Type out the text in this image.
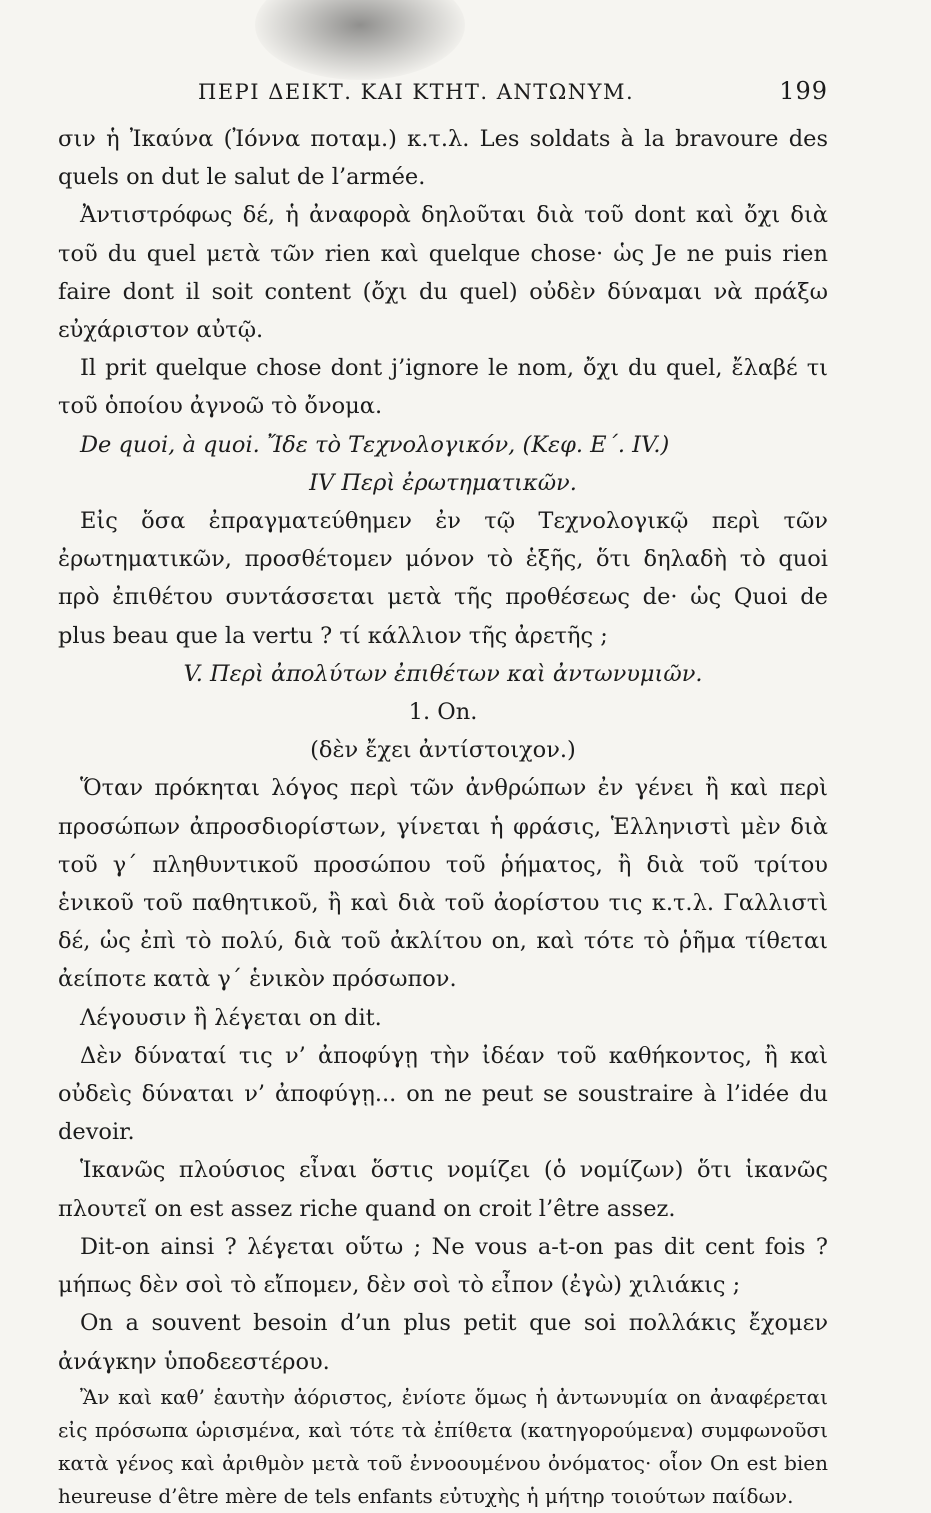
ΠΕΡΙ ΔΕΙΚΤ. ΚΑΙ ΚΤΗΤ. ΑΝΤΩΝΥΜ.	199

σιν ἡ Ἰκαύνα (Ἰόννα ποταμ.) κ.τ.λ. Les soldats à la bravoure des quels on dut le salut de l’armée.

Ἀντιστρόφως δέ, ἡ ἀναφορὰ δηλοῦται διὰ τοῦ dont καὶ ὄχι διὰ τοῦ du quel μετὰ τῶν rien καὶ quelque chose· ὡς Je ne puis rien faire dont il soit content (ὄχι du quel) οὐδὲν δύναμαι νὰ πράξω εὐχάριστον αὐτῷ.

Il prit quelque chose dont j’ignore le nom, ὄχι du quel, ἔλαβέ τι τοῦ ὁποίου ἀγνοῶ τὸ ὄνομα.

De quoi, à quoi. Ἴδε τὸ Τεχνολογικόν, (Κεφ. Ε΄. IV.)

IV Περὶ ἐρωτηματικῶν.

Εἰς ὅσα ἐπραγματεύθημεν ἐν τῷ Τεχνολογικῷ περὶ τῶν ἐρωτηματικῶν, προσθέτομεν μόνον τὸ ἑξῆς, ὅτι δηλαδὴ τὸ quoi πρὸ ἐπιθέτου συντάσσεται μετὰ τῆς προθέσεως de· ὡς Quoi de plus beau que la vertu ? τί κάλλιον τῆς ἀρετῆς ;

V. Περὶ ἀπολύτων ἐπιθέτων καὶ ἀντωνυμιῶν.

1. On.

(δὲν ἔχει ἀντίστοιχον.)

Ὅταν πρόκηται λόγος περὶ τῶν ἀνθρώπων ἐν γένει ἢ καὶ περὶ προσώπων ἀπροσδιορίστων, γίνεται ἡ φράσις, Ἑλληνιστὶ μὲν διὰ τοῦ γ΄ πληθυντικοῦ προσώπου τοῦ ῥήματος, ἢ διὰ τοῦ τρίτου ἑνικοῦ τοῦ παθητικοῦ, ἢ καὶ διὰ τοῦ ἀορίστου τις κ.τ.λ. Γαλλιστὶ δέ, ὡς ἐπὶ τὸ πολύ, διὰ τοῦ ἀκλίτου on, καὶ τότε τὸ ῥῆμα τίθεται ἀείποτε κατὰ γ΄ ἑνικὸν πρόσωπον.

Λέγουσιν ἢ λέγεται on dit.

Δὲν δύναταί τις ν’ ἀποφύγῃ τὴν ἰδέαν τοῦ καθήκοντος, ἢ καὶ οὐδεὶς δύναται ν’ ἀποφύγῃ... on ne peut se soustraire à l’idée du devoir.

Ἱκανῶς πλούσιος εἶναι ὅστις νομίζει (ὁ νομίζων) ὅτι ἱκανῶς πλουτεῖ on est assez riche quand on croit l’être assez.

Dit-on ainsi ? λέγεται οὕτω ; Ne vous a-t-on pas dit cent fois ? μήπως δὲν σοὶ τὸ εἴπομεν, δὲν σοὶ τὸ εἶπον (ἐγὼ) χιλιάκις ;

On a souvent besoin d’un plus petit que soi πολλάκις ἔχομεν ἀνάγκην ὑποδεεστέρου.

Ἂν καὶ καθ’ ἑαυτὴν ἀόριστος, ἐνίοτε ὅμως ἡ ἀντωνυμία on ἀναφέρεται εἰς πρόσωπα ὡρισμένα, καὶ τότε τὰ ἐπίθετα (κατηγορούμενα) συμφωνοῦσι κατὰ γένος καὶ ἀριθμὸν μετὰ τοῦ ἐννοουμένου ὀνόματος· οἷον On est bien heureuse d’être mère de tels enfants εὐτυχὴς ἡ μήτηρ τοιούτων παίδων.
